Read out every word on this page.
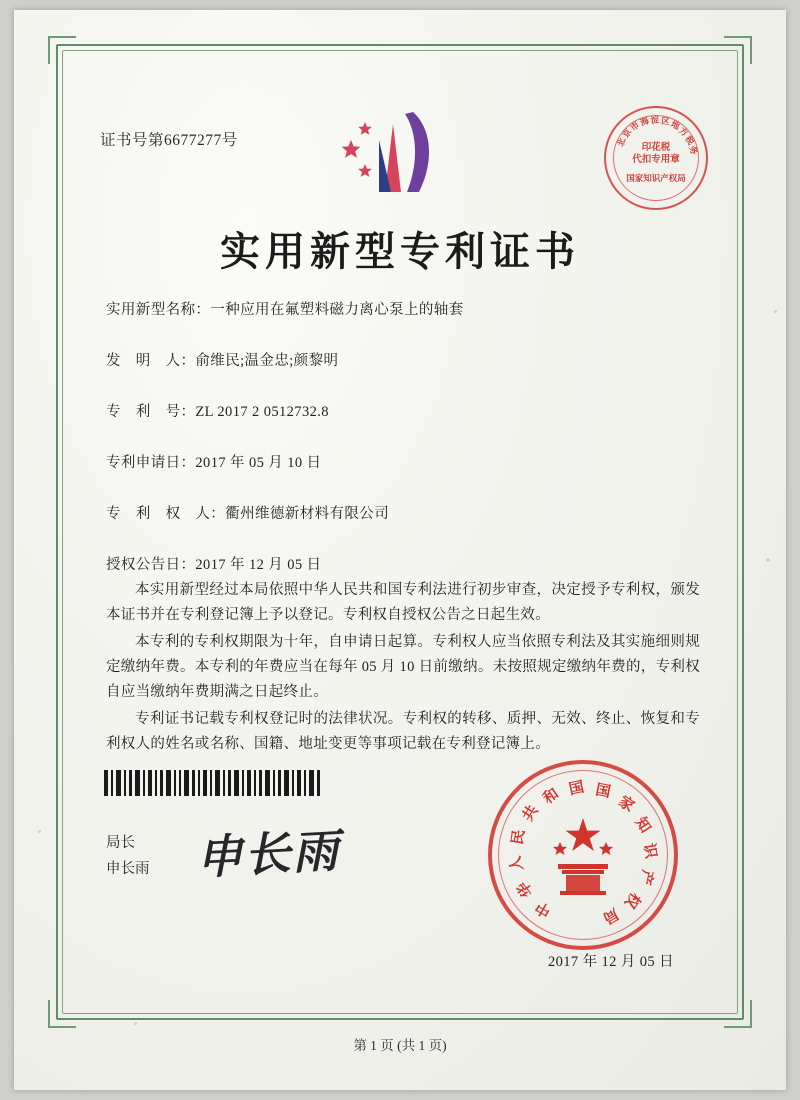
证书号第6677277号	北
京
市
海 淀 区 地
方
税
务
印花税
代扣专用章
国家知识产权局
实用新型专利证书
实用新型名称：一种应用在氟塑料磁力离心泵上的轴套
发　明　人：俞维民;温金忠;颜黎明
专　利　号：ZL 2017 2 0512732.8
专利申请日：2017 年 05 月 10 日
专　利　权　人：衢州维德新材料有限公司
授权公告日：2017 年 12 月 05 日

本实用新型经过本局依照中华人民共和国专利法进行初步审查，决定授予专利权，颁发本证书并在专利登记簿上予以登记。专利权自授权公告之日起生效。

本专利的专利权期限为十年，自申请日起算。专利权人应当依照专利法及其实施细则规定缴纳年费。本专利的年费应当在每年 05 月 10 日前缴纳。未按照规定缴纳年费的，专利权自应当缴纳年费期满之日起终止。

专利证书记载专利权登记时的法律状况。专利权的转移、质押、无效、终止、恢复和专利权人的姓名或名称、国籍、地址变更等事项记载在专利登记簿上。

局长
申长雨 申长雨
中
华
人
民
共
和 国 国
家
知
识
产
权
局
2017 年 12 月 05 日
第 1 页 (共 1 页)
